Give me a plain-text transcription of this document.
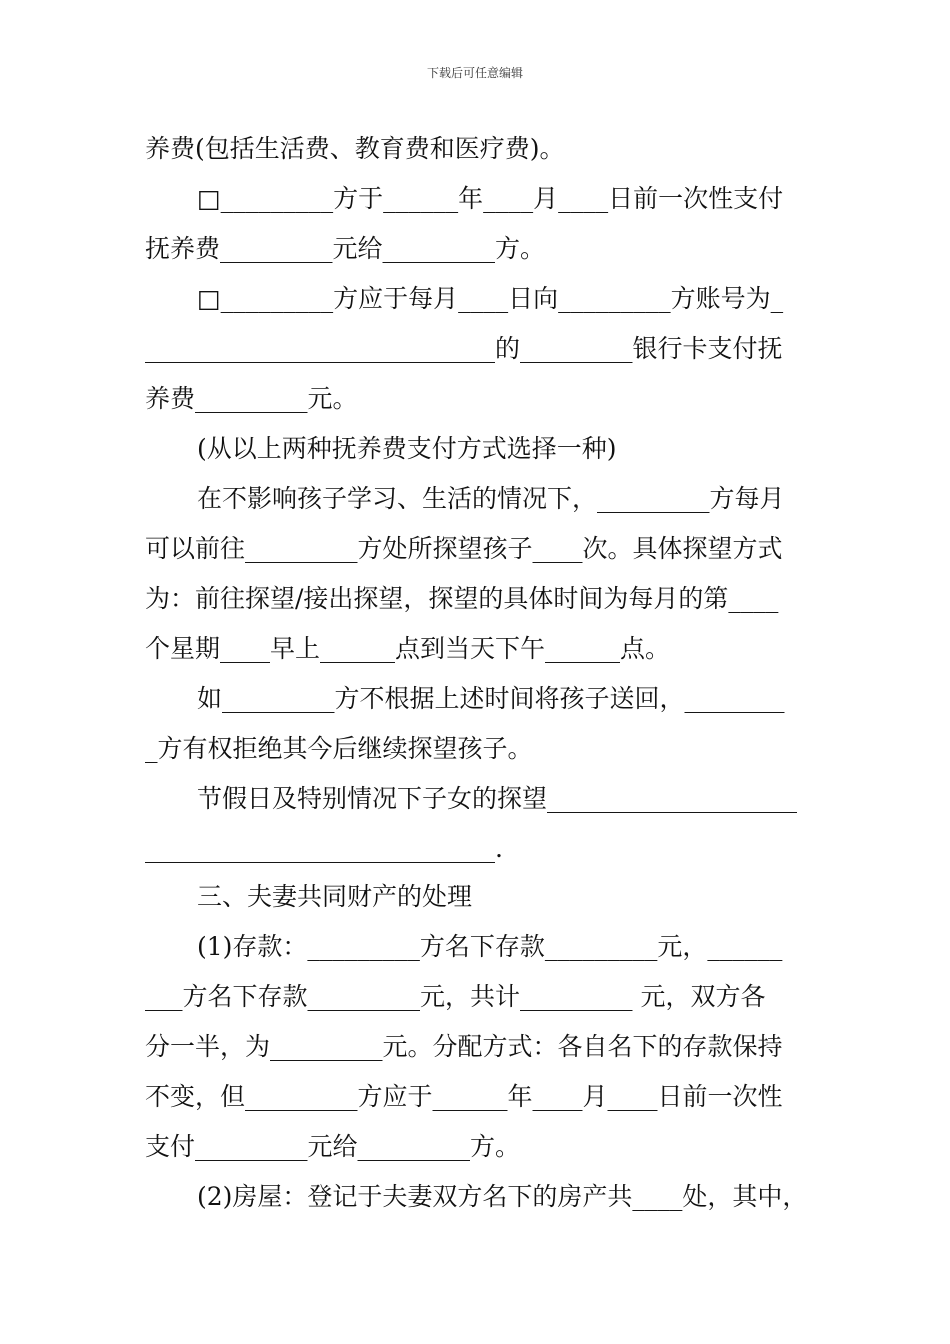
下载后可任意编辑
养费(包括生活费、教育费和医疗费)。
□_________方于______年____月____日前一次性支付
抚养费_________元给_________方。
□_________方应于每月____日向_________方账号为_
____________________________的_________银行卡支付抚
养费_________元。
(从以上两种抚养费支付方式选择一种)
在不影响孩子学习、生活的情况下，_________方每月
可以前往_________方处所探望孩子____次。具体探望方式
为：前往探望/接出探望，探望的具体时间为每月的第____
个星期____早上______点到当天下午______点。
如_________方不根据上述时间将孩子送回，________
_方有权拒绝其今后继续探望孩子。
节假日及特别情况下子女的探望____________________
____________________________.
三、夫妻共同财产的处理
(1)存款：_________方名下存款_________元，______
___方名下存款_________元，共计_________ 元，双方各
分一半，为_________元。分配方式：各自名下的存款保持
不变，但_________方应于______年____月____日前一次性
支付_________元给_________方。
(2)房屋：登记于夫妻双方名下的房产共____处，其中，
